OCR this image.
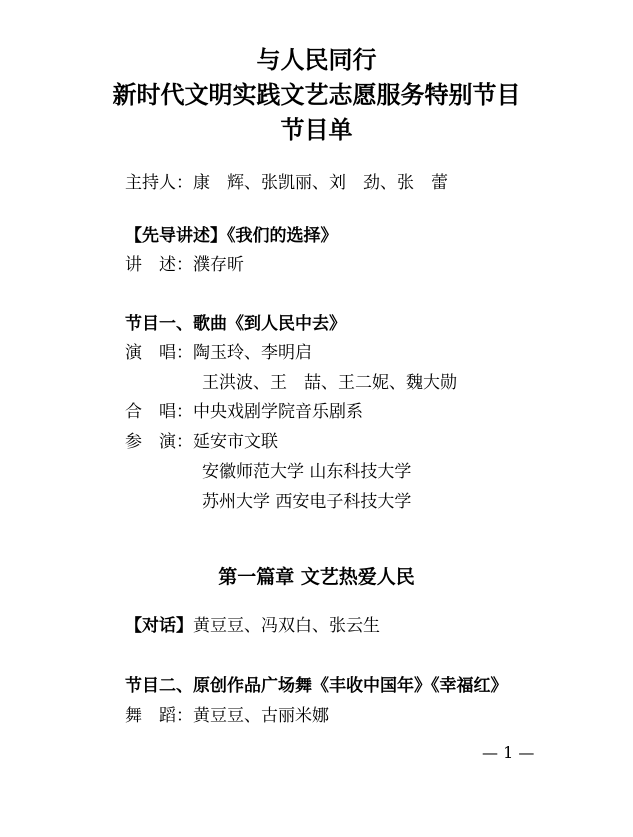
与人民同行
新时代文明实践文艺志愿服务特别节目
节目单
主持人：康　辉、张凯丽、刘　劲、张　蕾
【先导讲述】《我们的选择》
讲　述：濮存昕
节目一、歌曲《到人民中去》
演　唱：陶玉玲、李明启
王洪波、王　喆、王二妮、魏大勋
合　唱：中央戏剧学院音乐剧系
参　演：延安市文联
安徽师范大学 山东科技大学
苏州大学 西安电子科技大学
第一篇章 文艺热爱人民
【对话】黄豆豆、冯双白、张云生
节目二、原创作品广场舞《丰收中国年》《幸福红》
舞　蹈：黄豆豆、古丽米娜
— 1 —
